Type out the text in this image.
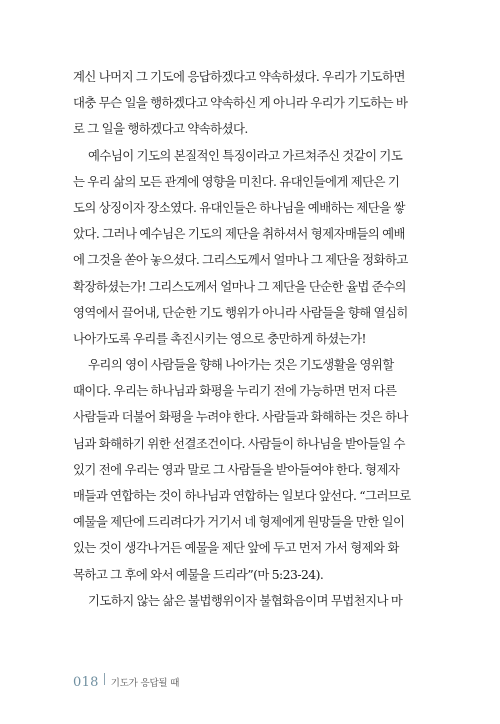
계신 나머지 그 기도에 응답하겠다고 약속하셨다. 우리가 기도하면
대충 무슨 일을 행하겠다고 약속하신 게 아니라 우리가 기도하는 바
로 그 일을 행하겠다고 약속하셨다.
예수님이 기도의 본질적인 특징이라고 가르쳐주신 것같이 기도
는 우리 삶의 모든 관계에 영향을 미친다. 유대인들에게 제단은 기
도의 상징이자 장소였다. 유대인들은 하나님을 예배하는 제단을 쌓
았다. 그러나 예수님은 기도의 제단을 취하셔서 형제자매들의 예배
에 그것을 쏟아 놓으셨다. 그리스도께서 얼마나 그 제단을 정화하고
확장하셨는가! 그리스도께서 얼마나 그 제단을 단순한 율법 준수의
영역에서 끌어내, 단순한 기도 행위가 아니라 사람들을 향해 열심히
나아가도록 우리를 촉진시키는 영으로 충만하게 하셨는가!
우리의 영이 사람들을 향해 나아가는 것은 기도생활을 영위할
때이다. 우리는 하나님과 화평을 누리기 전에 가능하면 먼저 다른
사람들과 더불어 화평을 누려야 한다. 사람들과 화해하는 것은 하나
님과 화해하기 위한 선결조건이다. 사람들이 하나님을 받아들일 수
있기 전에 우리는 영과 말로 그 사람들을 받아들여야 한다. 형제자
매들과 연합하는 것이 하나님과 연합하는 일보다 앞선다. “그러므로
예물을 제단에 드리려다가 거기서 네 형제에게 원망들을 만한 일이
있는 것이 생각나거든 예물을 제단 앞에 두고 먼저 가서 형제와 화
목하고 그 후에 와서 예물을 드리라”(마 5:23-24).
기도하지 않는 삶은 불법행위이자 불협화음이며 무법천지나 마
018 기도가 응답될 때
